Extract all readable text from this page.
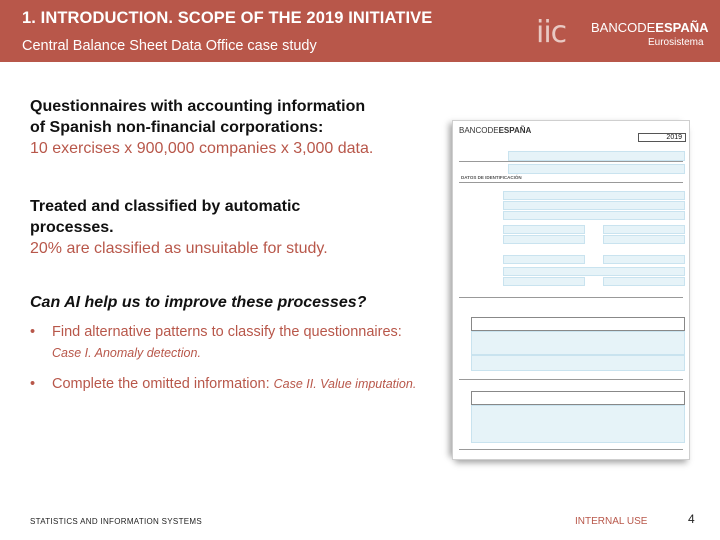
1. INTRODUCTION. SCOPE OF THE 2019 INITIATIVE
Central Balance Sheet Data Office case study	iic BANCODEESPAÑA
Eurosistema
Questionnaires with accounting information
of Spanish non-financial corporations:
10 exercises x 900,000 companies x 3,000 data.
Treated and classified by automatic
processes.
20% are classified as unsuitable for study.
Can AI help us to improve these processes?
• Find alternative patterns to classify the questionnaires: Case I. Anomaly detection.
• Complete the omitted information: Case II. Value imputation.
BANCODEESPAÑA
2019
DATOS DE IDENTIFICACIÓN
STATISTICS AND INFORMATION SYSTEMS	INTERNAL USE	4
